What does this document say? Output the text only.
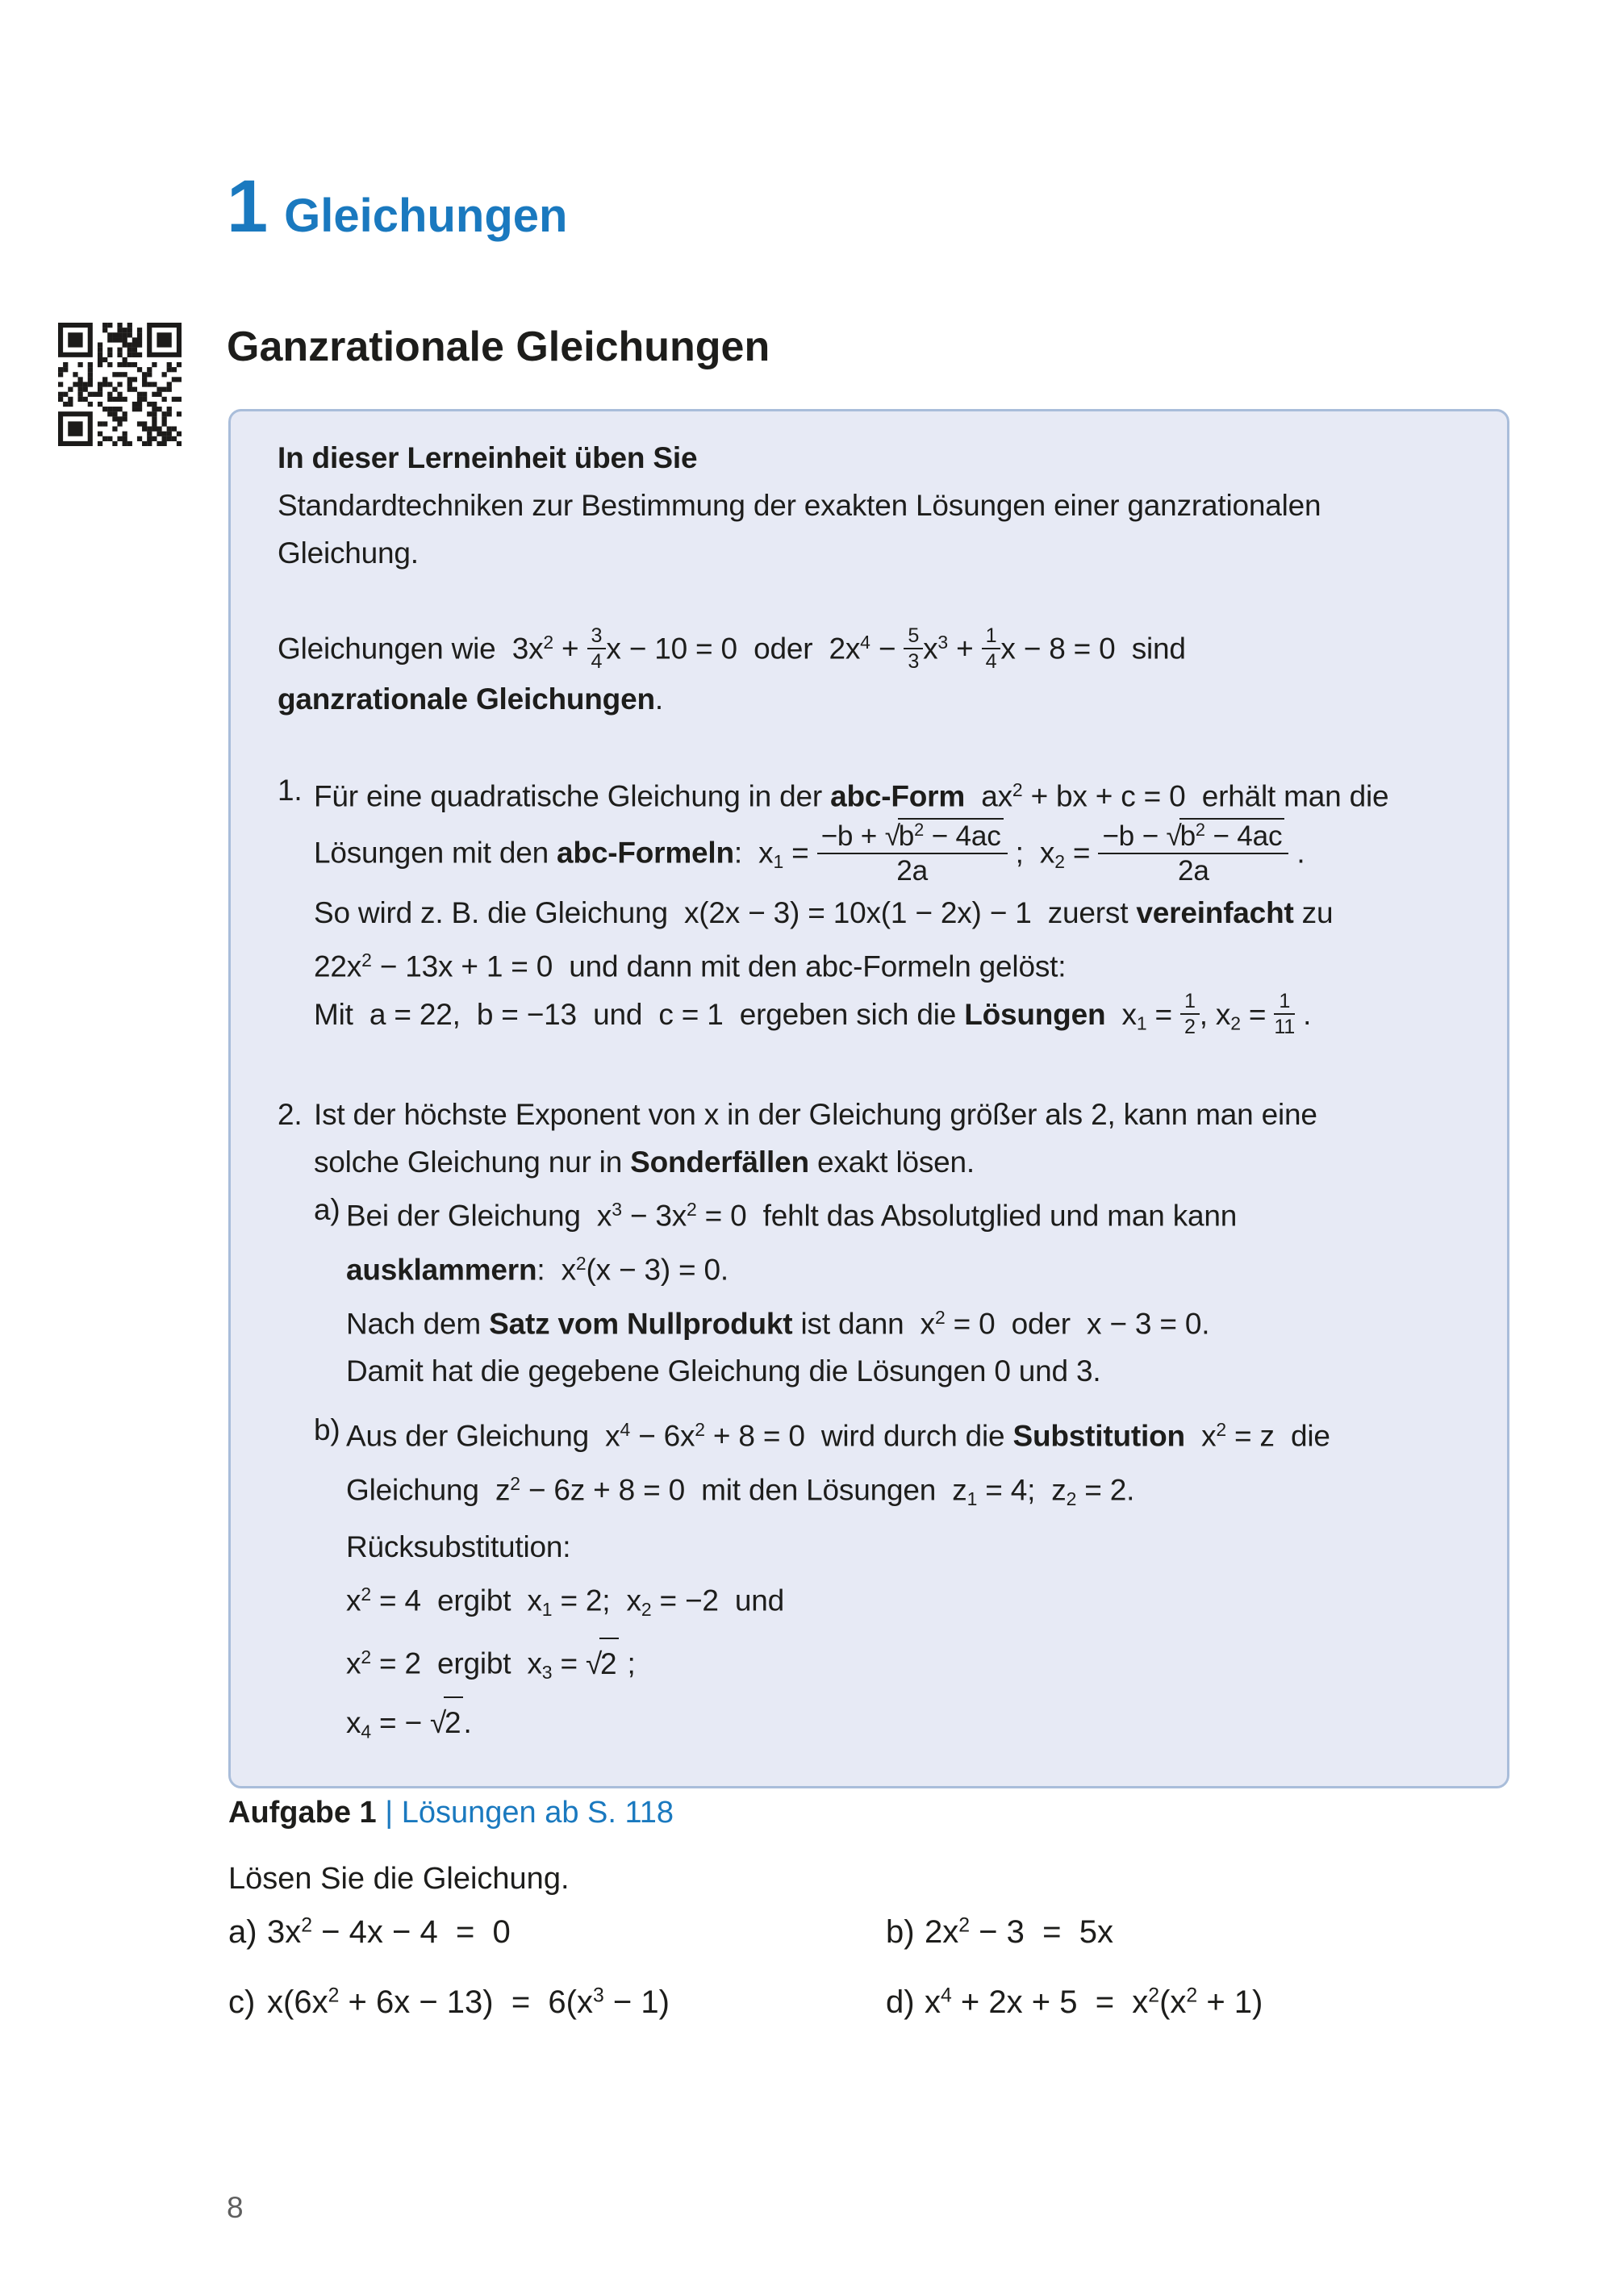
1 Gleichungen
Ganzrationale Gleichungen
In dieser Lerneinheit üben Sie
Standardtechniken zur Bestimmung der exakten Lösungen einer ganzrationalen
Gleichung.
Gleichungen wie  $3x^2 + \frac{3}{4}$ x − 10 = 0  oder  $2x^4 - \frac{5}{3} x^3 + \frac{1}{4}$ x − 8 = 0  sind
ganzrationale Gleichungen.
1. Für eine quadratische Gleichung in der abc-Form  $ax^2$ + bx + c = 0  erhält man die
Lösungen mit den abc-Formeln:  $x_1 = \frac{-b + √b^2 - 4ac}{2a}$ ;  $x_2 = \frac{-b - √b^2 - 4ac}{2a}$ .
So wird z. B. die Gleichung  x(2x − 3) = 10x(1 − 2x) − 1  zuerst vereinfacht zu
$22x^2 - 13x + 1 = 0$  und dann mit den abc-Formeln gelöst:
Mit  a = 22,  b = −13  und  c = 1  ergeben sich die Lösungen  $x_1 = \frac{1}{2}$ , $x_2 = \frac{1}{11}$ .
2. Ist der höchste Exponent von x in der Gleichung größer als 2, kann man eine
solche Gleichung nur in Sonderfällen exakt lösen.
a) Bei der Gleichung  $x^3 - 3x^2 = 0$  fehlt das Absolutglied und man kann
ausklammern:  $x^2(x - 3) = 0$.
Nach dem Satz vom Nullprodukt ist dann  $x^2 = 0$  oder  x − 3 = 0.
Damit hat die gegebene Gleichung die Lösungen 0 und 3.
b) Aus der Gleichung  $x^4 - 6x^2 + 8 = 0$  wird durch die Substitution  $x^2 = z$  die
Gleichung  $z^2 - 6z + 8 = 0$  mit den Lösungen  $z_1 = 4$;  $z_2 = 2$.
Rücksubstitution:
$x^2 = 4$  ergibt  $x_1 = 2$;  $x_2 = -2$  und
$x^2 = 2$  ergibt  $x_3 = √2$ ;
$x_4$ = − √2.
Aufgabe 1 | Lösungen ab S. 118
Lösen Sie die Gleichung.
a) $3x^2 - 4x - 4 = 0$	b) $2x^2 - 3 = 5x$
c) $x(6x^2 + 6x - 13) = 6(x^3 - 1)$	d) $x^4 + 2x + 5 = x^2(x^2 + 1)$
8
